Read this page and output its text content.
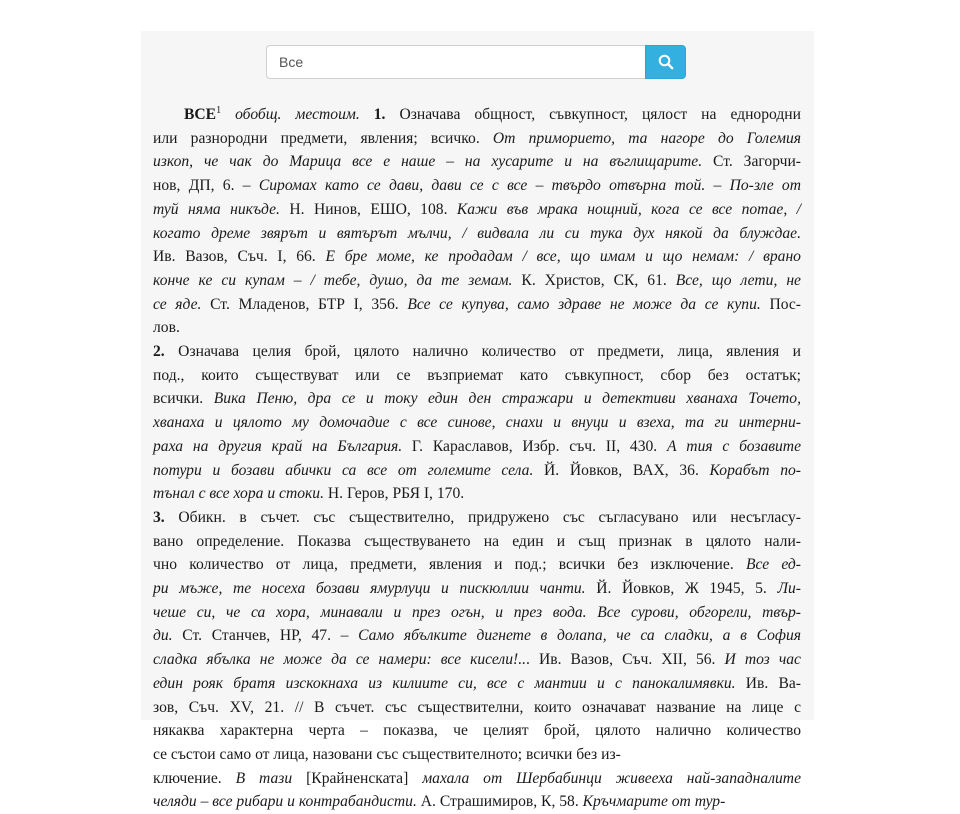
Все
ВСЕ$^1$ обобщ. местоим. 1. Означава общност, съвкупност, цялост на еднородни
или разнородни предмети, явления; всичко. От приморието, та нагоре до Големия
изкоп, че чак до Марица все е наше – на хусарите и на въглищарите. Ст. Загорчи-
нов, ДП, 6. – Сиромах като се дави, дави се с все – твърдо отвърна той. – По-зле от
туй няма никъде. Н. Нинов, ЕШО, 108. Кажи във мрака нощний, кога се все потае, /
когато дреме звярът и вятърът мълчи, / видвала ли си тука дух някой да блуждае.
Ив. Вазов, Съч. I, 66. Е бре моме, ке продадам / все, що имам и що немам: / врано
конче ке си купам – / тебе, душо, да те земам. К. Христов, СК, 61. Все, що лети, не
се яде. Ст. Младенов, БТР I, 356. Все се купува, само здраве не може да се купи. Пос-
лов.
2. Означава целия брой, цялото налично количество от предмети, лица, явления и
под., които съществуват или се възприемат като съвкупност, сбор без остатък;
всички. Вика Пеню, дра се и току един ден стражари и детективи хванаха Точето,
хванаха и цялото му домочадие с все синове, снахи и внуци и взеха, та ги интерни-
раха на другия край на България. Г. Караславов, Избр. съч. II, 430. А тия с бозавите
потури и бозави абички са все от големите села. Й. Йовков, ВАХ, 36. Корабът по-
тънал с все хора и стоки. Н. Геров, РБЯ I, 170.
3. Обикн. в съчет. със съществително, придружено със съгласувано или несъгласу-
вано определение. Показва съществуването на един и същ признак в цялото нали-
чно количество от лица, предмети, явления и под.; всички без изключение. Все ед-
ри мъже, те носеха бозави ямурлуци и пискюллии чанти. Й. Йовков, Ж 1945, 5. Ли-
чеше си, че са хора, минавали и през огън, и през вода. Все сурови, обгорели, твър-
ди. Ст. Станчев, НР, 47. – Само ябълките дигнете в долапа, че са сладки, а в София
сладка ябълка не може да се намери: все кисели!... Ив. Вазов, Съч. XII, 56. И тоз час
един рояк братя изскокнаха из килиите си, все с мантии и с панокалимявки. Ив. Ва-
зов, Съч. XV, 21. // В съчет. със съществителни, които означават название на лице с
някаква характерна черта – показва, че целият брой, цялото налично количество
се състои само от лица, назовани със съществителното; всички без из-
ключение. В тази [Крайненската] махала от Шербабинци живееха най-западналите
челяди – все рибари и контрабандисти. А. Страшимиров, К, 58. Кръчмарите от тур-
